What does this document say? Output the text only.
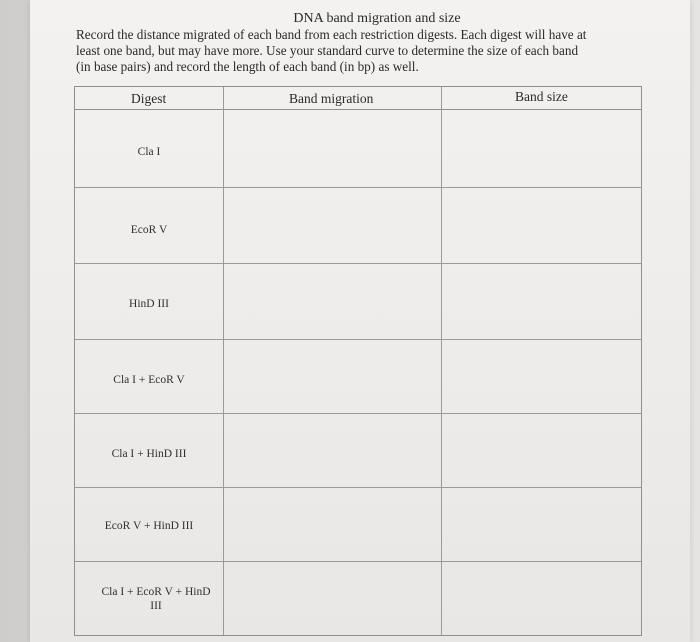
DNA band migration and size
Record the distance migrated of each band from each restriction digests. Each digest will have at
least one band, but may have more. Use your standard curve to determine the size of each band
(in base pairs) and record the length of each band (in bp) as well.
Digest	Band migration	Band size
Cla I
EcoR V
HinD III
Cla I + EcoR V
Cla I + HinD III
EcoR V + HinD III
Cla I + EcoR V + HinD
III
